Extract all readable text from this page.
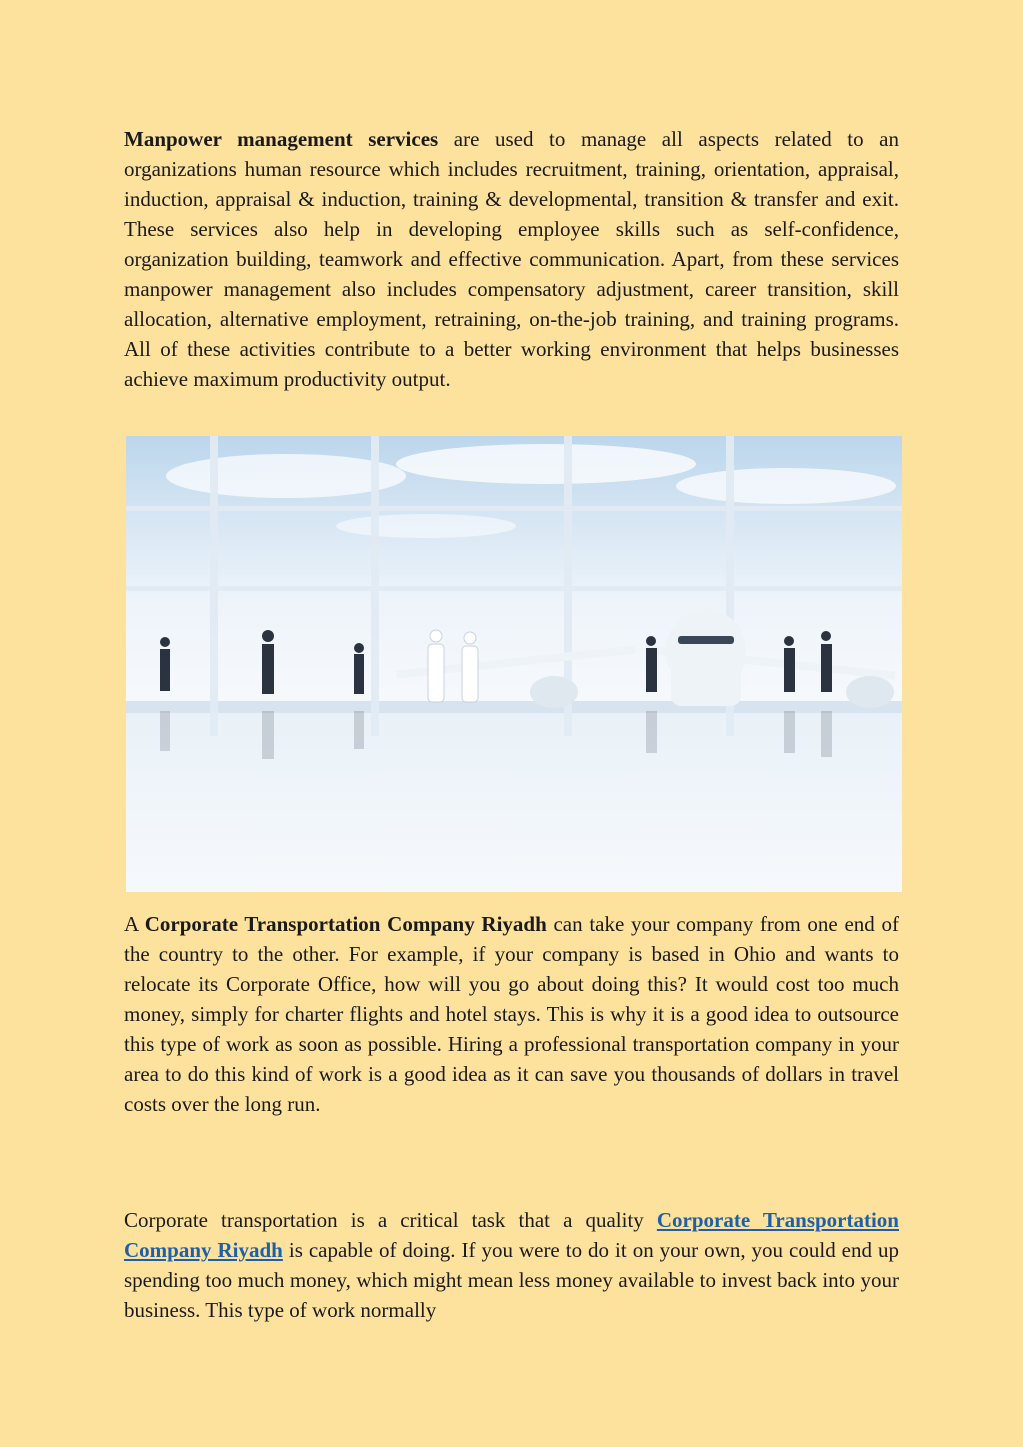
Manpower management services are used to manage all aspects related to an organizations human resource which includes recruitment, training, orientation, appraisal, induction, appraisal & induction, training & developmental, transition & transfer and exit. These services also help in developing employee skills such as self-confidence, organization building, teamwork and effective communication. Apart, from these services manpower management also includes compensatory adjustment, career transition, skill allocation, alternative employment, retraining, on-the-job training, and training programs. All of these activities contribute to a better working environment that helps businesses achieve maximum productivity output.

A Corporate Transportation Company Riyadh can take your company from one end of the country to the other. For example, if your company is based in Ohio and wants to relocate its Corporate Office, how will you go about doing this? It would cost too much money, simply for charter flights and hotel stays. This is why it is a good idea to outsource this type of work as soon as possible. Hiring a professional transportation company in your area to do this kind of work is a good idea as it can save you thousands of dollars in travel costs over the long run.

Corporate transportation is a critical task that a quality Corporate Transportation Company Riyadh is capable of doing. If you were to do it on your own, you could end up spending too much money, which might mean less money available to invest back into your business. This type of work normally
